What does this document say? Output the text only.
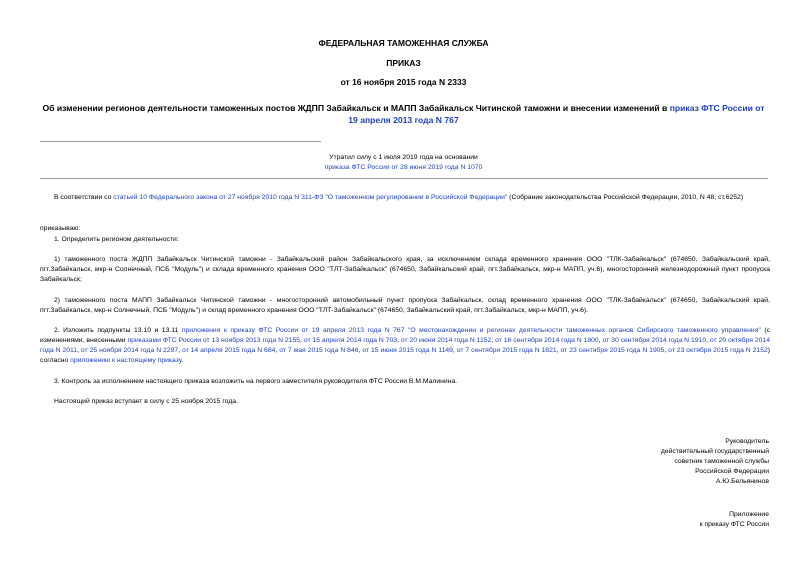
ФЕДЕРАЛЬНАЯ ТАМОЖЕННАЯ СЛУЖБА
ПРИКАЗ
от 16 ноября 2015 года N 2333
Об изменении регионов деятельности таможенных постов ЖДПП Забайкальск и МАПП Забайкальск Читинской таможни и внесении изменений в приказ ФТС России от 19 апреля 2013 года N 767
Утратил силу с 1 июля 2019 года на основании
приказа ФТС России от 28 июня 2019 года N 1070
В соответствии со статьей 10 Федерального закона от 27 ноября 2010 года N 311-ФЗ "О таможенном регулировании в Российской Федерации" (Собрание законодательства Российской Федерации, 2010, N 48, ст.6252)
приказываю:
1. Определить регионом деятельности:
1) таможенного поста ЖДПП Забайкальск Читинской таможни - Забайкальский район Забайкальского края, за исключением склада временного хранения ООО "ТЛК-Забайкальск" (674650, Забайкальский край, пгт.Забайкальск, мкр-н Солнечный, ПСБ "Модуль") и склада временного хранения ООО "ТЛТ-Забайкальск" (674650, Забайкальский край, пгт.Забайкальск, мкр-н МАПП, уч.6), многосторонний железнодорожный пункт пропуска Забайкальск;
2) таможенного поста МАПП Забайкальск Читинской таможни - многосторонний автомобильный пункт пропуска Забайкальск, склад временного хранения ООО "ТЛК-Забайкальск" (674650, Забайкальский край, пгт.Забайкальск, мкр-н Солнечный, ПСБ "Модуль") и склад временного хранения ООО "ТЛТ-Забайкальск" (674650, Забайкальский край, пгт.Забайкальск, мкр-н МАПП, уч.6).
2. Изложить подпункты 13.10 и 13.11 приложения к приказу ФТС России от 19 апреля 2013 года N 767 "О местонахождении и регионах деятельности таможенных органов Сибирского таможенного управления" (с изменениями, внесенными приказами ФТС России от 13 ноября 2013 года N 2155, от 15 апреля 2014 года N 703, от 20 июня 2014 года N 1152, от 16 сентября 2014 года N 1800, от 30 сентября 2014 года N 1910, от 20 октября 2014 года N 2011, от 25 ноября 2014 года N 2297, от 14 апреля 2015 года N 684, от 7 мая 2015 года N 846, от 15 июня 2015 года N 1149, от 7 сентября 2015 года N 1821, от 23 сентября 2015 года N 1905, от 23 октября 2015 года N 2152) согласно приложению к настоящему приказу.
3. Контроль за исполнением настоящего приказа возложить на первого заместителя руководителя ФТС России В.М.Малинина.
Настоящий приказ вступает в силу с 25 ноября 2015 года.
Руководитель
действительный государственный
советник таможенной службы
Российской Федерации
А.Ю.Бельянинов
Приложение
к приказу ФТС России
